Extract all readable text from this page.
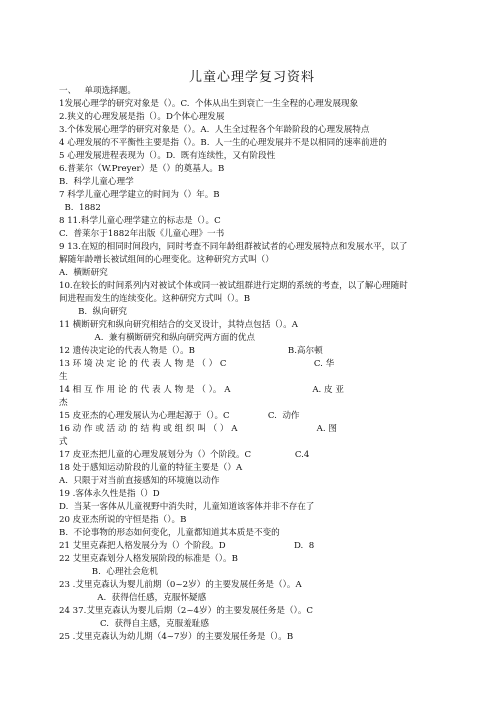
儿童心理学复习资料
一、   单项选择题。
1发展心理学的研究对象是（）。C.  个体从出生到衰亡一生全程的心理发展现象
2.狭义的心理发展是指（）。D个体心理发展
3.个体发展心理学的研究对象是（）。A.  人生全过程各个年龄阶段的心理发展特点
4 心理发展的不平衡性主要是指（）。B.  人一生的心理发展并不是以相同的速率前进的
5 心理发展进程表现为（）。D.  既有连续性，又有阶段性
6.普莱尔（W.Preyer）是（）的奠基人。B
B.  科学儿童心理学
7 科学儿童心理学建立的时间为（）年。B
B.  1882
8 11.科学儿童心理学建立的标志是（）。C
C.  普莱尔于1882年出版《儿童心理》一书
9 13.在短的相同时间段内，同时考查不同年龄组群被试者的心理发展特点和发展水平，以了
解随年龄增长被试组间的心理变化。这种研究方式叫（）
A.  横断研究
10.在较长的时间系列内对被试个体或同一被试组群进行定期的系统的考查，以了解心理随时
间进程而发生的连续变化。这种研究方式叫（）。B
B.  纵向研究
11 横断研究和纵向研究相结合的交叉设计，其特点包括（）。A
A.  兼有横断研究和纵向研究两方面的优点
12 遗传决定论的代表人物是（）。B                                  B.高尔顿
13 环 境 决 定 论 的 代 表 人 物 是 （ ） C                                C. 华
生
14 相 互 作 用 论 的 代 表 人 物 是 （ ）。 A                              A. 皮 亚
杰
15 皮亚杰的心理发展认为心理起源于（）。C              C.  动作
16 动 作 或 活 动 的 结 构 或 组 织 叫 （ ） A                             A. 图
式
17 皮亚杰把儿童的心理发展划分为（）个阶段。C                C.4
18 处于感知运动阶段的儿童的特征主要是（）A
A.  只限于对当前直接感知的环境施以动作
19 .客体永久性是指（）D
D.  当某一客体从儿童视野中消失时，儿童知道该客体并非不存在了
20 皮亚杰所说的守恒是指（）。B
B.  不论事物的形态如何变化，儿童都知道其本质是不变的
21 艾里克森把人格发展分为（）个阶段。D                         D.  8
22 艾里克森划分人格发展阶段的标准是（）。B
B.  心理社会危机
23 .艾里克森认为婴儿前期（0~2岁）的主要发展任务是（）。A
A.  获得信任感，克服怀疑感
24 37.艾里克森认为婴儿后期（2~4岁）的主要发展任务是（）。C
C.  获得自主感，克服羞耻感
25 .艾里克森认为幼儿期（4~7岁）的主要发展任务是（）。B
